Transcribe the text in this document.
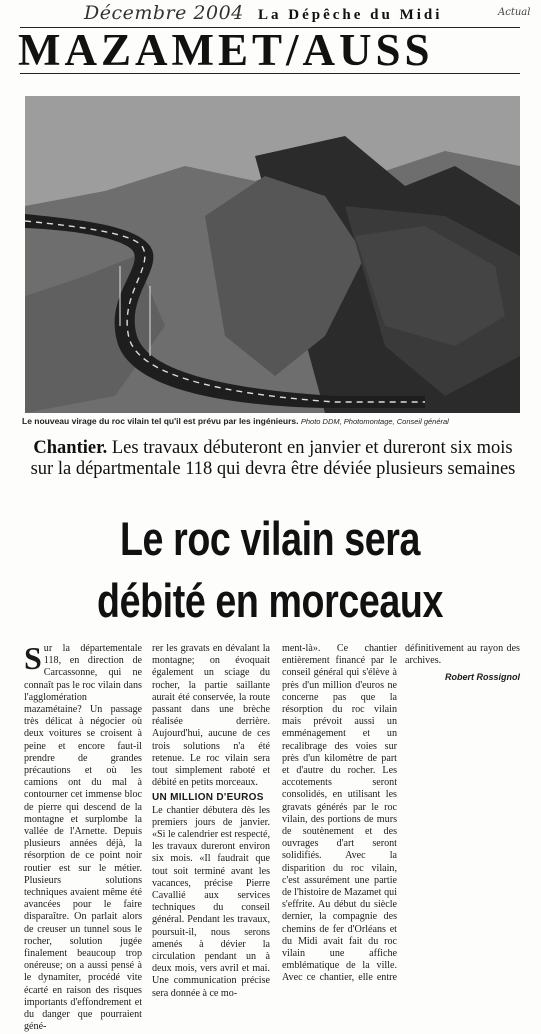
Décembre 2004 La Dépêche du Midi	Actual
MAZAMET/AUSS
Le nouveau virage du roc vilain tel qu'il est prévu par les ingénieurs. Photo DDM, Photomontage, Conseil général
Chantier. Les travaux débuteront en janvier et dureront six mois sur la départmentale 118 qui devra être déviée plusieurs semaines
Le roc vilain sera
débité en morceaux
Sur la départementale 118, en direction de Carcassonne, qui ne connaît pas le roc vilain dans l'agglomération mazamétaine? Un passage très délicat à négocier où deux voitures se croisent à peine et encore faut-il prendre de grandes précautions et où les camions ont du mal à contourner cet immense bloc de pierre qui descend de la montagne et surplombe la vallée de l'Arnette. Depuis plusieurs années déjà, la résorption de ce point noir routier est sur le métier. Plusieurs solutions techniques avaient même été avancées pour le faire disparaître. On parlait alors de creuser un tunnel sous le rocher, solution jugée finalement beaucoup trop onéreuse; on a aussi pensé à le dynamiter, procédé vite écarté en raison des risques importants d'effondrement et du danger que pourraient géné-
rer les gravats en dévalant la montagne; on évoquait également un sciage du rocher, la partie saillante aurait été conservée, la route passant dans une brèche réalisée derrière. Aujourd'hui, aucune de ces trois solutions n'a été retenue. Le roc vilain sera tout simplement raboté et débité en petits morceaux.
UN MILLION D'EUROS
Le chantier débutera dès les premiers jours de janvier. «Si le calendrier est respecté, les travaux dureront environ six mois. «Il faudrait que tout soit terminé avant les vacances, précise Pierre Cavallié aux services techniques du conseil général. Pendant les travaux, poursuit-il, nous serons amenés à dévier la circulation pendant un à deux mois, vers avril et mai. Une communication précise sera donnée à ce mo-
ment-là». Ce chantier entièrement financé par le conseil général qui s'élève à près d'un million d'euros ne concerne pas que la résorption du roc vilain mais prévoit aussi un emménagement et un recalibrage des voies sur près d'un kilomètre de part et d'autre du rocher. Les accotements seront consolidés, en utilisant les gravats générés par le roc vilain, des portions de murs de soutènement et des ouvrages d'art seront solidifiés. Avec la disparition du roc vilain, c'est assurément une partie de l'histoire de Mazamet qui s'effrite. Au début du siècle dernier, la compagnie des chemins de fer d'Orléans et du Midi avait fait du roc vilain une affiche emblématique de la ville. Avec ce chantier, elle entre définitivement au rayon des archives.
Robert Rossignol
